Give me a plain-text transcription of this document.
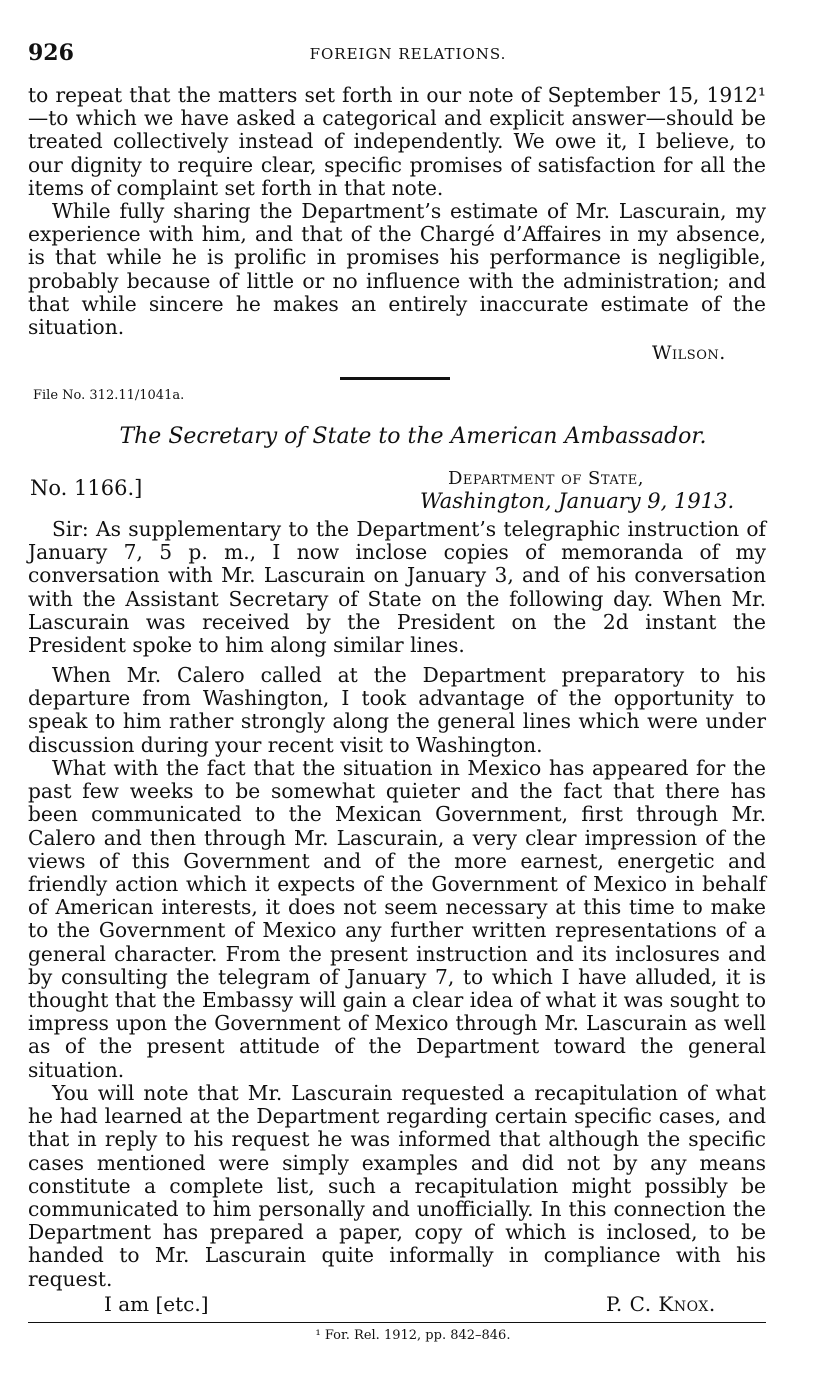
926	FOREIGN RELATIONS.

to repeat that the matters set forth in our note of September 15, 1912¹—to which we have asked a categorical and explicit answer—should be treated collectively instead of independently. We owe it, I believe, to our dignity to require clear, specific promises of satisfaction for all the items of complaint set forth in that note.

While fully sharing the Department’s estimate of Mr. Lascurain, my experience with him, and that of the Chargé d’Affaires in my absence, is that while he is prolific in promises his performance is negligible, probably because of little or no influence with the administration; and that while sincere he makes an entirely inaccurate estimate of the situation.

Wilson.
File No. 312.11/1041a.
The Secretary of State to the American Ambassador.
No. 1166.]	Department of State,
Washington, January 9, 1913.

Sir: As supplementary to the Department’s telegraphic instruction of January 7, 5 p. m., I now inclose copies of memoranda of my conversation with Mr. Lascurain on January 3, and of his conversation with the Assistant Secretary of State on the following day. When Mr. Lascurain was received by the President on the 2d instant the President spoke to him along similar lines.

When Mr. Calero called at the Department preparatory to his departure from Washington, I took advantage of the opportunity to speak to him rather strongly along the general lines which were under discussion during your recent visit to Washington.

What with the fact that the situation in Mexico has appeared for the past few weeks to be somewhat quieter and the fact that there has been communicated to the Mexican Government, first through Mr. Calero and then through Mr. Lascurain, a very clear impression of the views of this Government and of the more earnest, energetic and friendly action which it expects of the Government of Mexico in behalf of American interests, it does not seem necessary at this time to make to the Government of Mexico any further written representations of a general character. From the present instruction and its inclosures and by consulting the telegram of January 7, to which I have alluded, it is thought that the Embassy will gain a clear idea of what it was sought to impress upon the Government of Mexico through Mr. Lascurain as well as of the present attitude of the Department toward the general situation.

You will note that Mr. Lascurain requested a recapitulation of what he had learned at the Department regarding certain specific cases, and that in reply to his request he was informed that although the specific cases mentioned were simply examples and did not by any means constitute a complete list, such a recapitulation might possibly be communicated to him personally and unofficially. In this connection the Department has prepared a paper, copy of which is inclosed, to be handed to Mr. Lascurain quite informally in compliance with his request.

I am [etc.]	P. C. Knox.
¹ For. Rel. 1912, pp. 842–846.
